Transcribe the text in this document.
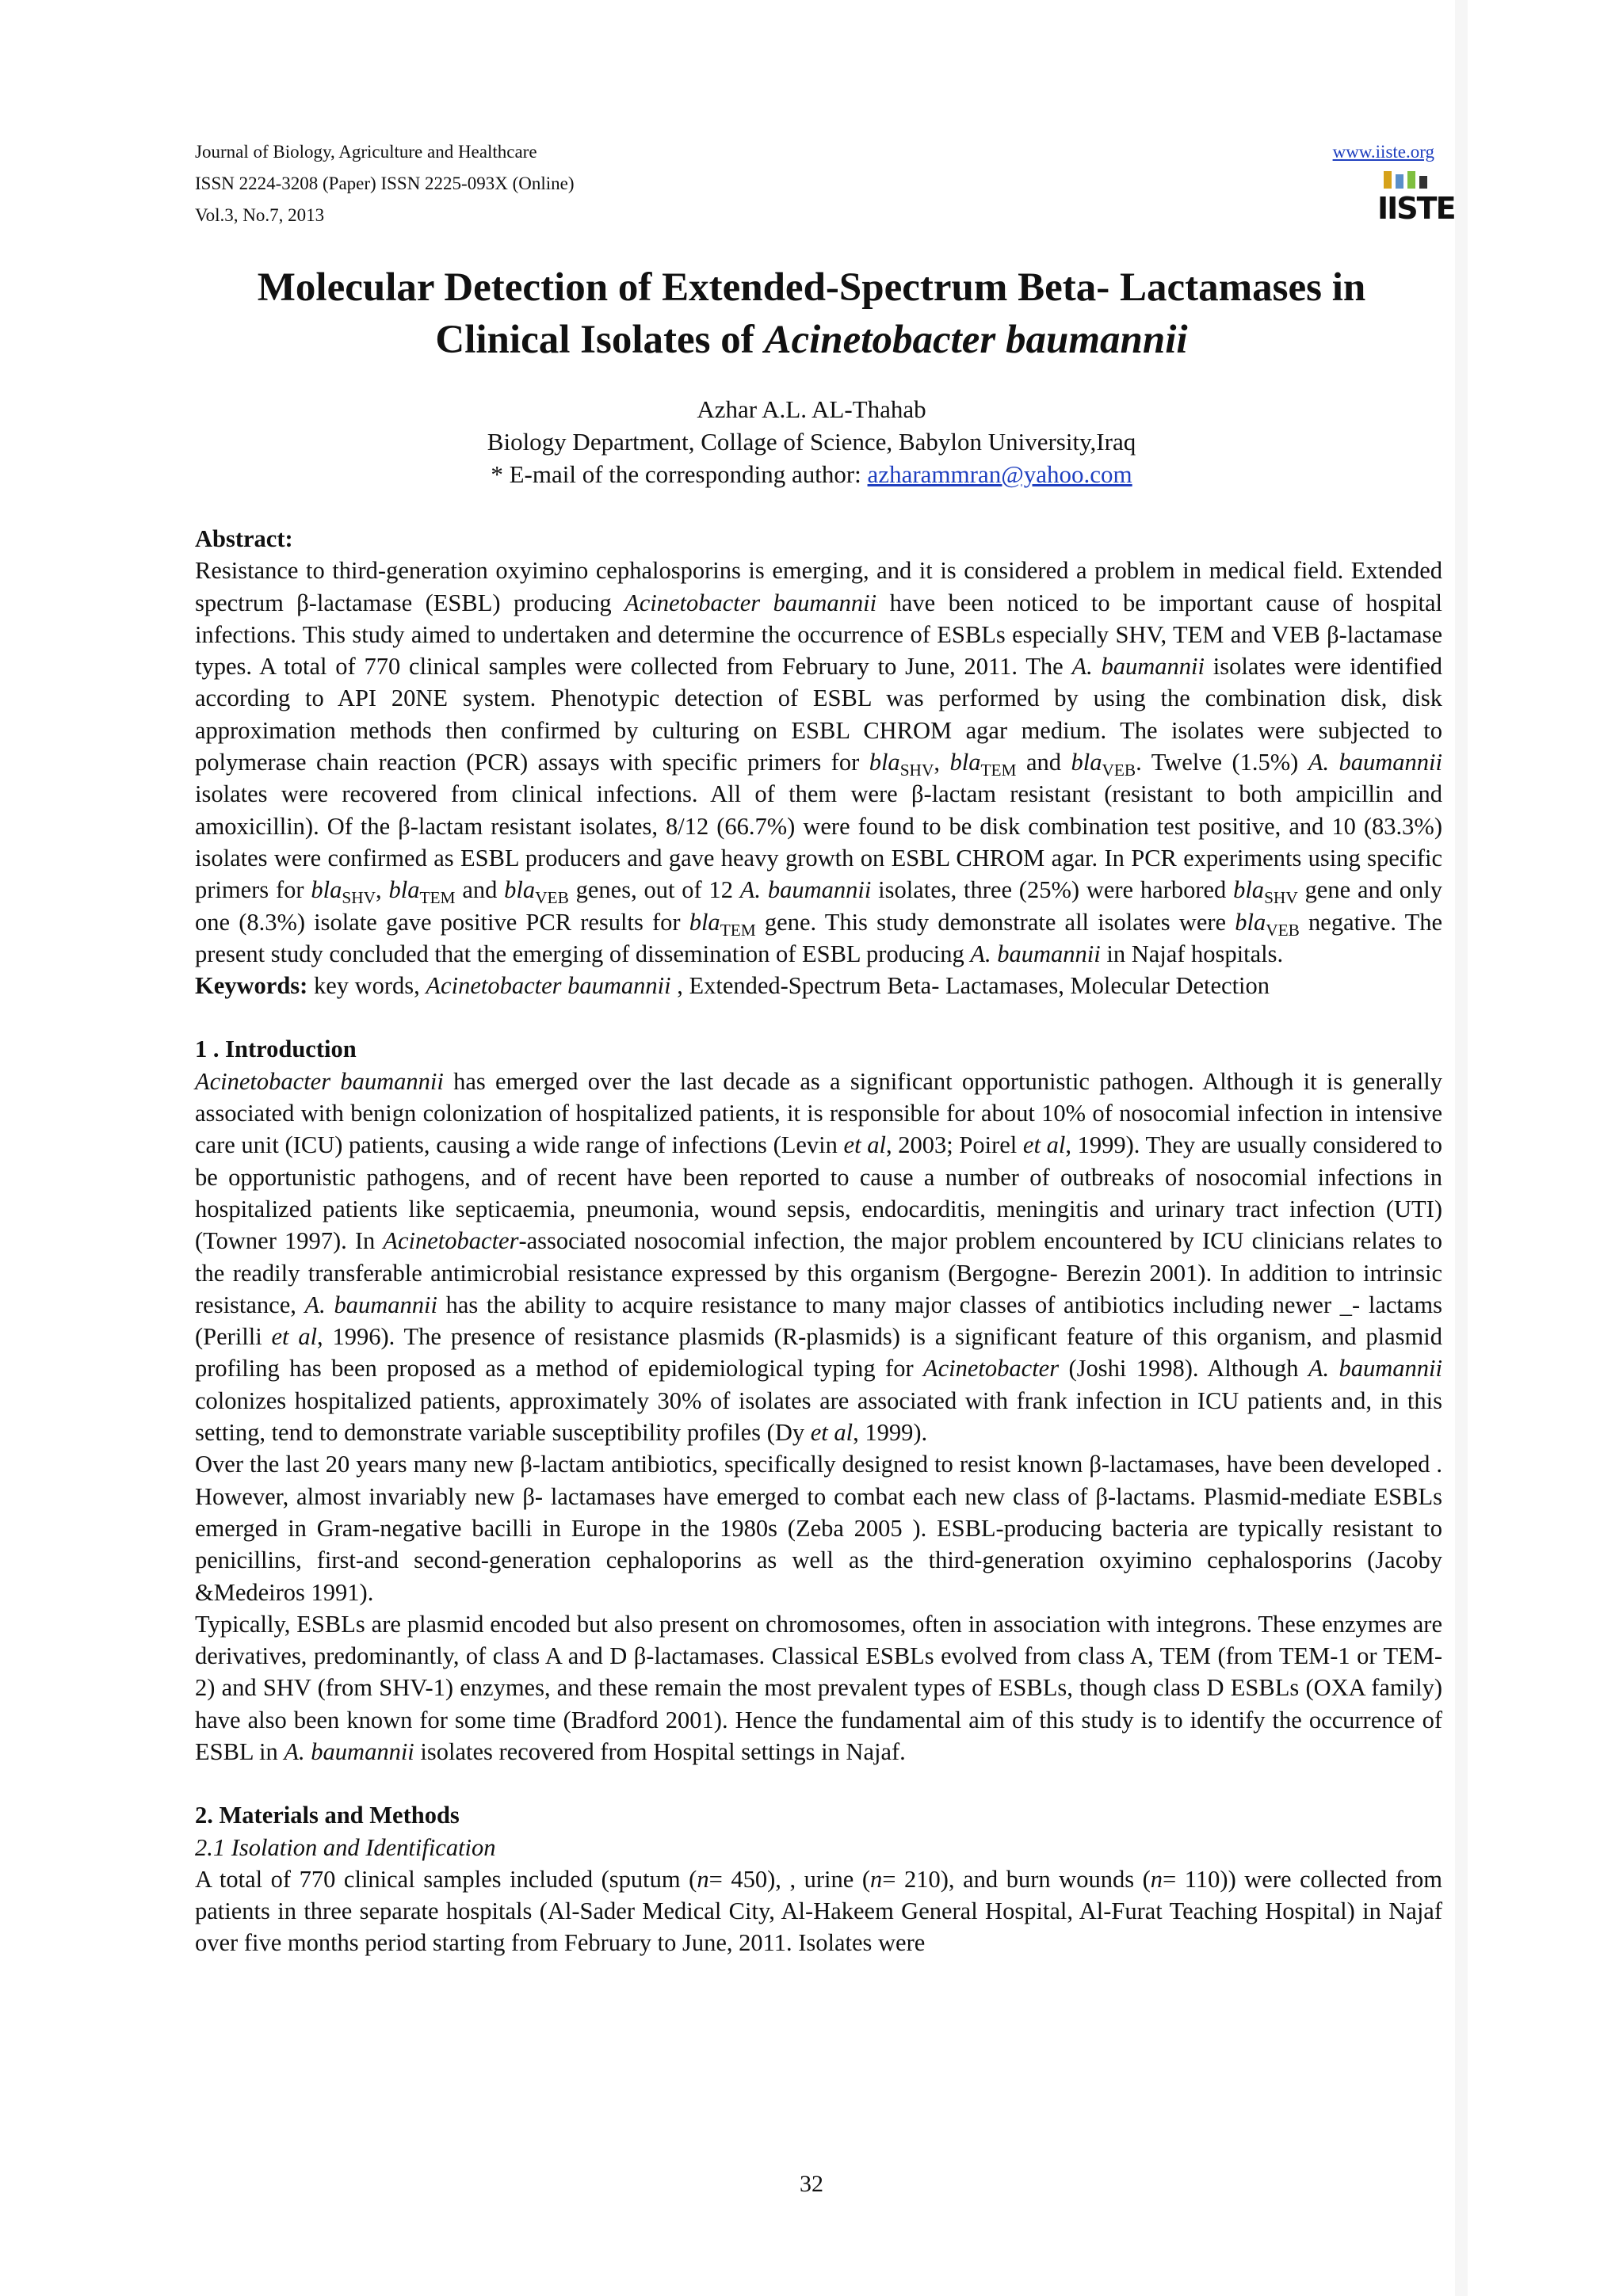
Journal of Biology, Agriculture and Healthcare
ISSN 2224-3208 (Paper) ISSN 2225-093X (Online)
Vol.3, No.7, 2013
www.iiste.org
IISTE
Molecular Detection of Extended-Spectrum Beta- Lactamases in
Clinical Isolates of Acinetobacter baumannii
Azhar A.L. AL-Thahab
Biology Department, Collage of Science, Babylon University,Iraq
* E-mail of the corresponding author: azharammran@yahoo.com

Abstract:

Resistance to third-generation oxyimino cephalosporins is emerging, and it is considered a problem in medical field. Extended spectrum β-lactamase (ESBL) producing Acinetobacter baumannii have been noticed to be important cause of hospital infections. This study aimed to undertaken and determine the occurrence of ESBLs especially SHV, TEM and VEB β-lactamase types. A total of 770 clinical samples were collected from February to June, 2011. The A. baumannii isolates were identified according to API 20NE system. Phenotypic detection of ESBL was performed by using the combination disk, disk approximation methods then confirmed by culturing on ESBL CHROM agar medium. The isolates were subjected to polymerase chain reaction (PCR) assays with specific primers for bla$_{SHV}$, bla$_{TEM}$ and bla$_{VEB}$. Twelve (1.5%) A. baumannii isolates were recovered from clinical infections. All of them were β-lactam resistant (resistant to both ampicillin and amoxicillin). Of the β-lactam resistant isolates, 8/12 (66.7%) were found to be disk combination test positive, and 10 (83.3%) isolates were confirmed as ESBL producers and gave heavy growth on ESBL CHROM agar. In PCR experiments using specific primers for bla$_{SHV}$, bla$_{TEM}$ and bla$_{VEB}$ genes, out of 12 A. baumannii isolates, three (25%) were harbored bla$_{SHV}$ gene and only one (8.3%) isolate gave positive PCR results for bla$_{TEM}$ gene. This study demonstrate all isolates were bla$_{VEB}$ negative. The present study concluded that the emerging of dissemination of ESBL producing A. baumannii in Najaf hospitals.

Keywords: key words, Acinetobacter baumannii , Extended-Spectrum Beta- Lactamases, Molecular Detection

1 . Introduction

Acinetobacter baumannii has emerged over the last decade as a significant opportunistic pathogen. Although it is generally associated with benign colonization of hospitalized patients, it is responsible for about 10% of nosocomial infection in intensive care unit (ICU) patients, causing a wide range of infections (Levin et al, 2003; Poirel et al, 1999). They are usually considered to be opportunistic pathogens, and of recent have been reported to cause a number of outbreaks of nosocomial infections in hospitalized patients like septicaemia, pneumonia, wound sepsis, endocarditis, meningitis and urinary tract infection (UTI) (Towner 1997). In Acinetobacter-associated nosocomial infection, the major problem encountered by ICU clinicians relates to the readily transferable antimicrobial resistance expressed by this organism (Bergogne- Berezin 2001). In addition to intrinsic resistance, A. baumannii has the ability to acquire resistance to many major classes of antibiotics including newer _- lactams (Perilli et al, 1996). The presence of resistance plasmids (R-plasmids) is a significant feature of this organism, and plasmid profiling has been proposed as a method of epidemiological typing for Acinetobacter (Joshi 1998). Although A. baumannii colonizes hospitalized patients, approximately 30% of isolates are associated with frank infection in ICU patients and, in this setting, tend to demonstrate variable susceptibility profiles (Dy et al, 1999).

Over the last 20 years many new β-lactam antibiotics, specifically designed to resist known β-lactamases, have been developed . However, almost invariably new β- lactamases have emerged to combat each new class of β-lactams. Plasmid-mediate ESBLs emerged in Gram-negative bacilli in Europe in the 1980s (Zeba 2005 ). ESBL-producing bacteria are typically resistant to penicillins, first-and second-generation cephaloporins as well as the third-generation oxyimino cephalosporins (Jacoby &Medeiros 1991).

Typically, ESBLs are plasmid encoded but also present on chromosomes, often in association with integrons. These enzymes are derivatives, predominantly, of class A and D β-lactamases. Classical ESBLs evolved from class A, TEM (from TEM-1 or TEM-2) and SHV (from SHV-1) enzymes, and these remain the most prevalent types of ESBLs, though class D ESBLs (OXA family) have also been known for some time (Bradford 2001). Hence the fundamental aim of this study is to identify the occurrence of ESBL in A. baumannii isolates recovered from Hospital settings in Najaf.

2. Materials and Methods

2.1 Isolation and Identification

A total of 770 clinical samples included (sputum (n= 450), , urine (n= 210), and burn wounds (n= 110)) were collected from patients in three separate hospitals (Al-Sader Medical City, Al-Hakeem General Hospital, Al-Furat Teaching Hospital) in Najaf over five months period starting from February to June, 2011. Isolates were

32
